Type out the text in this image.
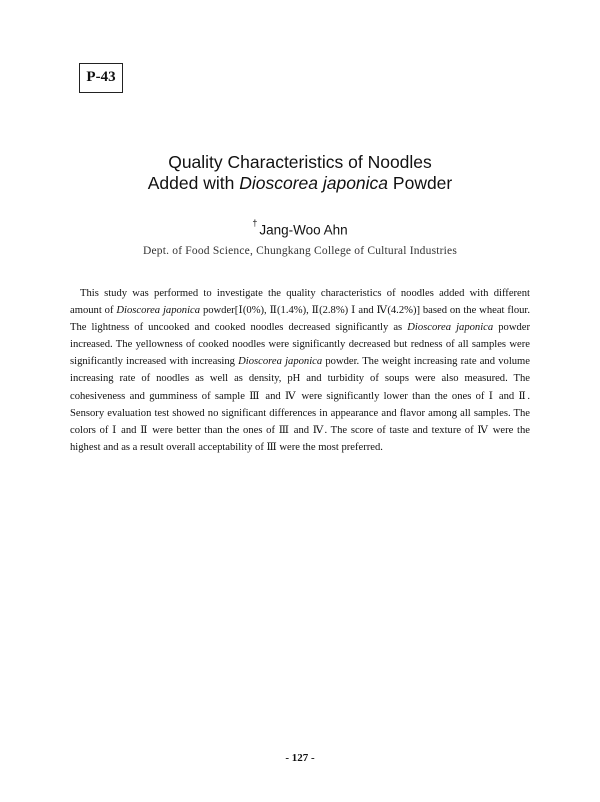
P-43
Quality Characteristics of Noodles
Added with Dioscorea japonica Powder
† Jang-Woo Ahn
Dept. of Food Science, Chungkang College of Cultural Industries

This study was performed to investigate the quality characteristics of noodles added with different amount of Dioscorea japonica powder[Ⅰ(0%), Ⅱ(1.4%), Ⅱ(2.8%) Ⅰ and Ⅳ(4.2%)] based on the wheat flour. The lightness of uncooked and cooked noodles decreased significantly as Dioscorea japonica powder increased. The yellowness of cooked noodles were significantly decreased but redness of all samples were significantly increased with increasing Dioscorea japonica powder. The weight increasing rate and volume increasing rate of noodles as well as density, pH and turbidity of soups were also measured. The cohesiveness and gumminess of sample Ⅲ and Ⅳ were significantly lower than the ones of Ⅰ and Ⅱ. Sensory evaluation test showed no significant differences in appearance and flavor among all samples. The colors of Ⅰ and Ⅱ were better than the ones of Ⅲ and Ⅳ. The score of taste and texture of Ⅳ were the highest and as a result overall acceptability of Ⅲ were the most preferred.

- 127 -
